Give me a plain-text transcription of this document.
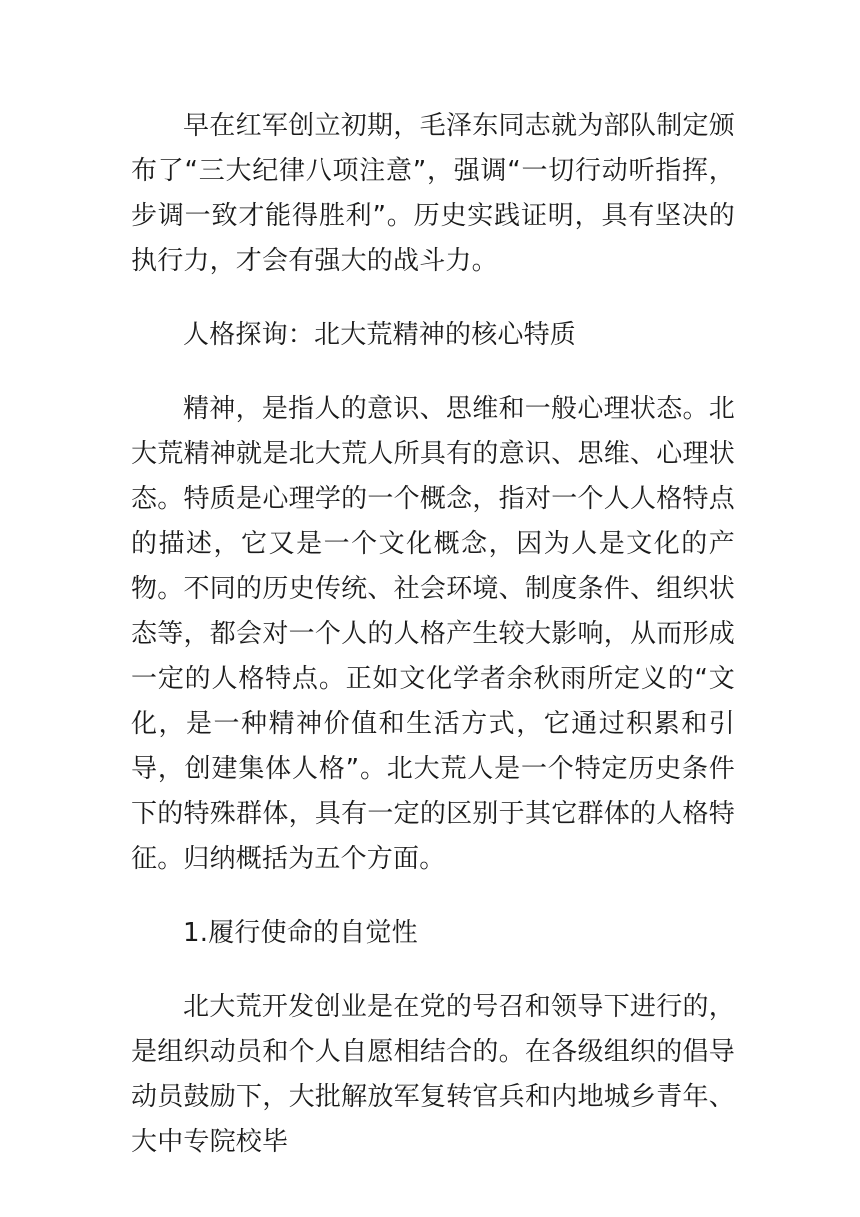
早在红军创立初期，毛泽东同志就为部队制定颁布了“三大纪律八项注意”，强调“一切行动听指挥，步调一致才能得胜利”。历史实践证明，具有坚决的执行力，才会有强大的战斗力。

人格探询：北大荒精神的核心特质

精神，是指人的意识、思维和一般心理状态。北大荒精神就是北大荒人所具有的意识、思维、心理状态。特质是心理学的一个概念，指对一个人人格特点的描述，它又是一个文化概念，因为人是文化的产物。不同的历史传统、社会环境、制度条件、组织状态等，都会对一个人的人格产生较大影响，从而形成一定的人格特点。正如文化学者余秋雨所定义的“文化，是一种精神价值和生活方式，它通过积累和引导，创建集体人格”。北大荒人是一个特定历史条件下的特殊群体，具有一定的区别于其它群体的人格特征。归纳概括为五个方面。

1.履行使命的自觉性

北大荒开发创业是在党的号召和领导下进行的，是组织动员和个人自愿相结合的。在各级组织的倡导动员鼓励下，大批解放军复转官兵和内地城乡青年、大中专院校毕
